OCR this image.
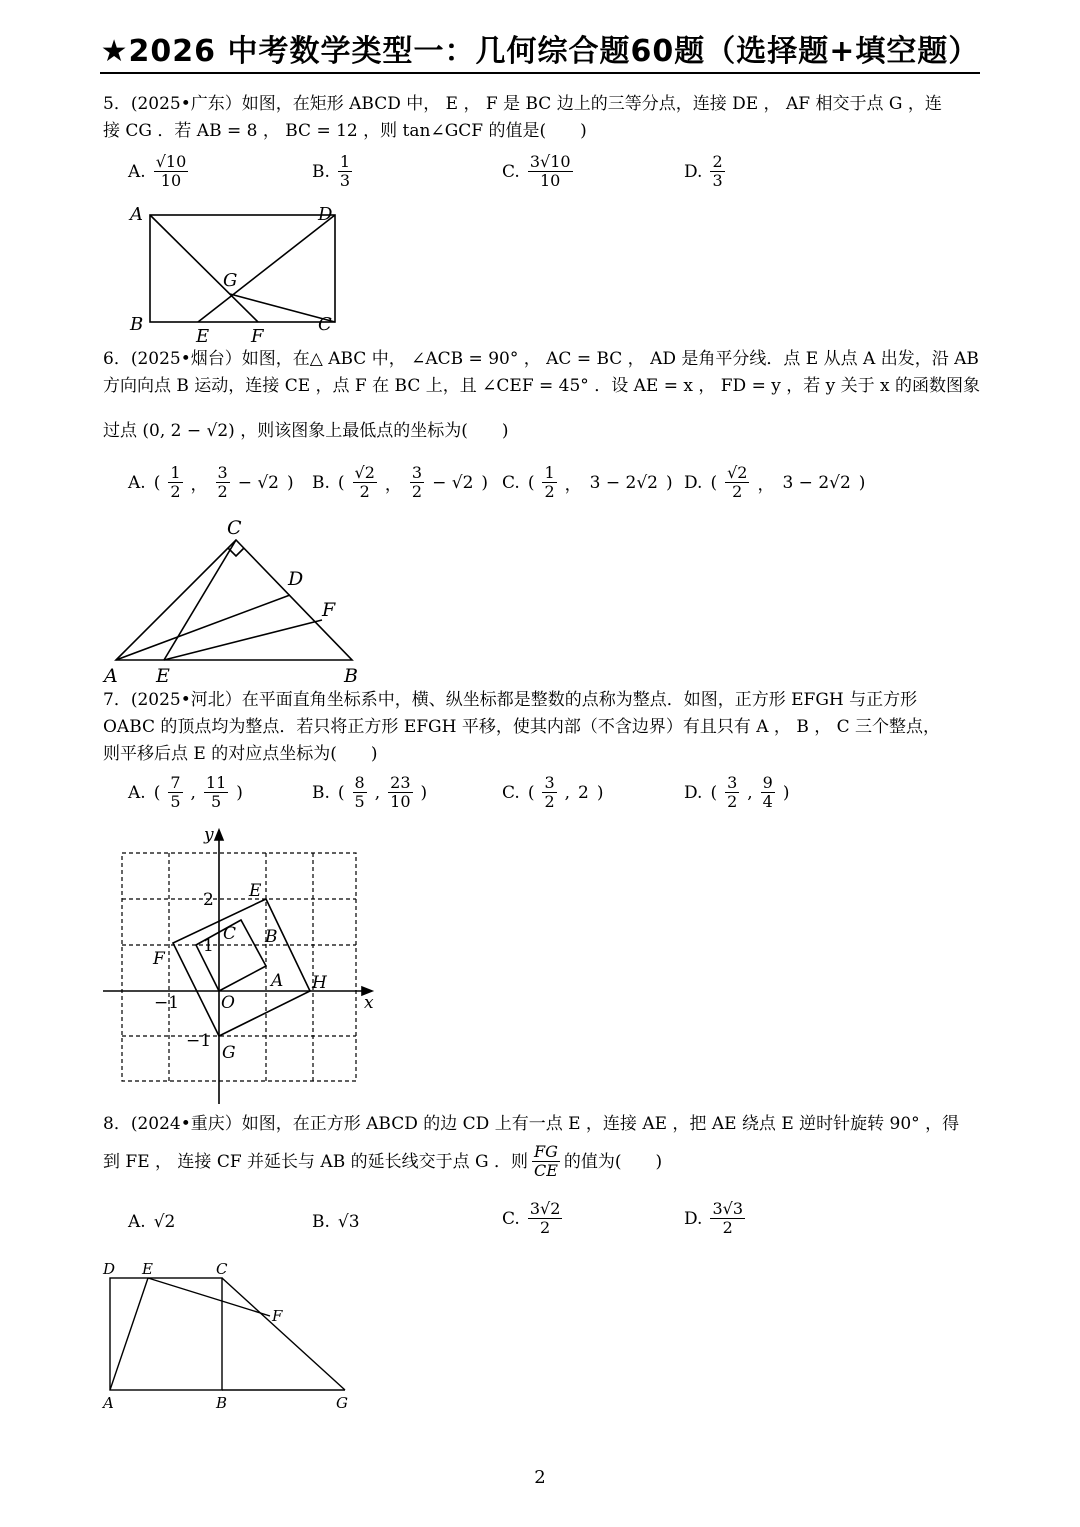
★2026 中考数学类型一：几何综合题60题（选择题+填空题）
5．(2025•广东）如图，在矩形 ABCD 中， E ， F 是 BC 边上的三等分点，连接 DE ， AF 相交于点 G ，连
接 CG ．若 AB = 8 ， BC = 12 ，则 tan∠GCF 的值是(　　)
A. $\frac{√10}{10}$	B. $\frac{1}{3}$	C. $\frac{3√10}{10}$	D. $\frac{2}{3}$
A	D
B	C
G
E F
6．(2025•烟台）如图，在△ ABC 中， ∠ACB = 90° ， AC = BC ， AD 是角平分线．点 E 从点 A 出发，沿 AB
方向向点 B 运动，连接 CE ，点 F 在 BC 上，且 ∠CEF = 45° ．设 AE = x ， FD = y ，若 y 关于 x 的函数图象
过点 (0, 2 − √2) ，则该图象上最低点的坐标为(　　)
A. ( $\frac{1}{2}$ ， $\frac{3}{2} - √2$ ) B. ( $\frac{√2}{2}$ ， $\frac{3}{2} - √2$ ) C. ( $\frac{1}{2}$ ， 3 − 2√2 ) D. ( $\frac{√2}{2}$ ， 3 − 2√2 )
C
D
F
A E	B
7．(2025•河北）在平面直角坐标系中，横、纵坐标都是整数的点称为整点．如图，正方形 EFGH 与正方形
OABC 的顶点均为整点．若只将正方形 EFGH 平移，使其内部（不含边界）有且只有 A ， B ， C 三个整点，
则平移后点 E 的对应点坐标为(　　)
A. ( $\frac{7}{5}$ , $\frac{11}{5}$ )	B. ( $\frac{8}{5}$ , $\frac{23}{10}$ )	C. ( $\frac{3}{2}$ , 2 )	D. ( $\frac{3}{2}$ , $\frac{9}{4}$ )
y
x
O
E
F
G
H
A
B
C
2
1
−1
−1
8．(2024•重庆）如图，在正方形 ABCD 的边 CD 上有一点 E ，连接 AE ，把 AE 绕点 E 逆时针旋转 90° ，得
到 FE ， 连接 CF 并延长与 AB 的延长线交于点 G ．则 $\frac{FG}{CE}$ 的值为(　　)
A. √2	B. √3	C. $\frac{3√2}{2}$	D. $\frac{3√3}{2}$
D E	C
F
A	B	G
2
